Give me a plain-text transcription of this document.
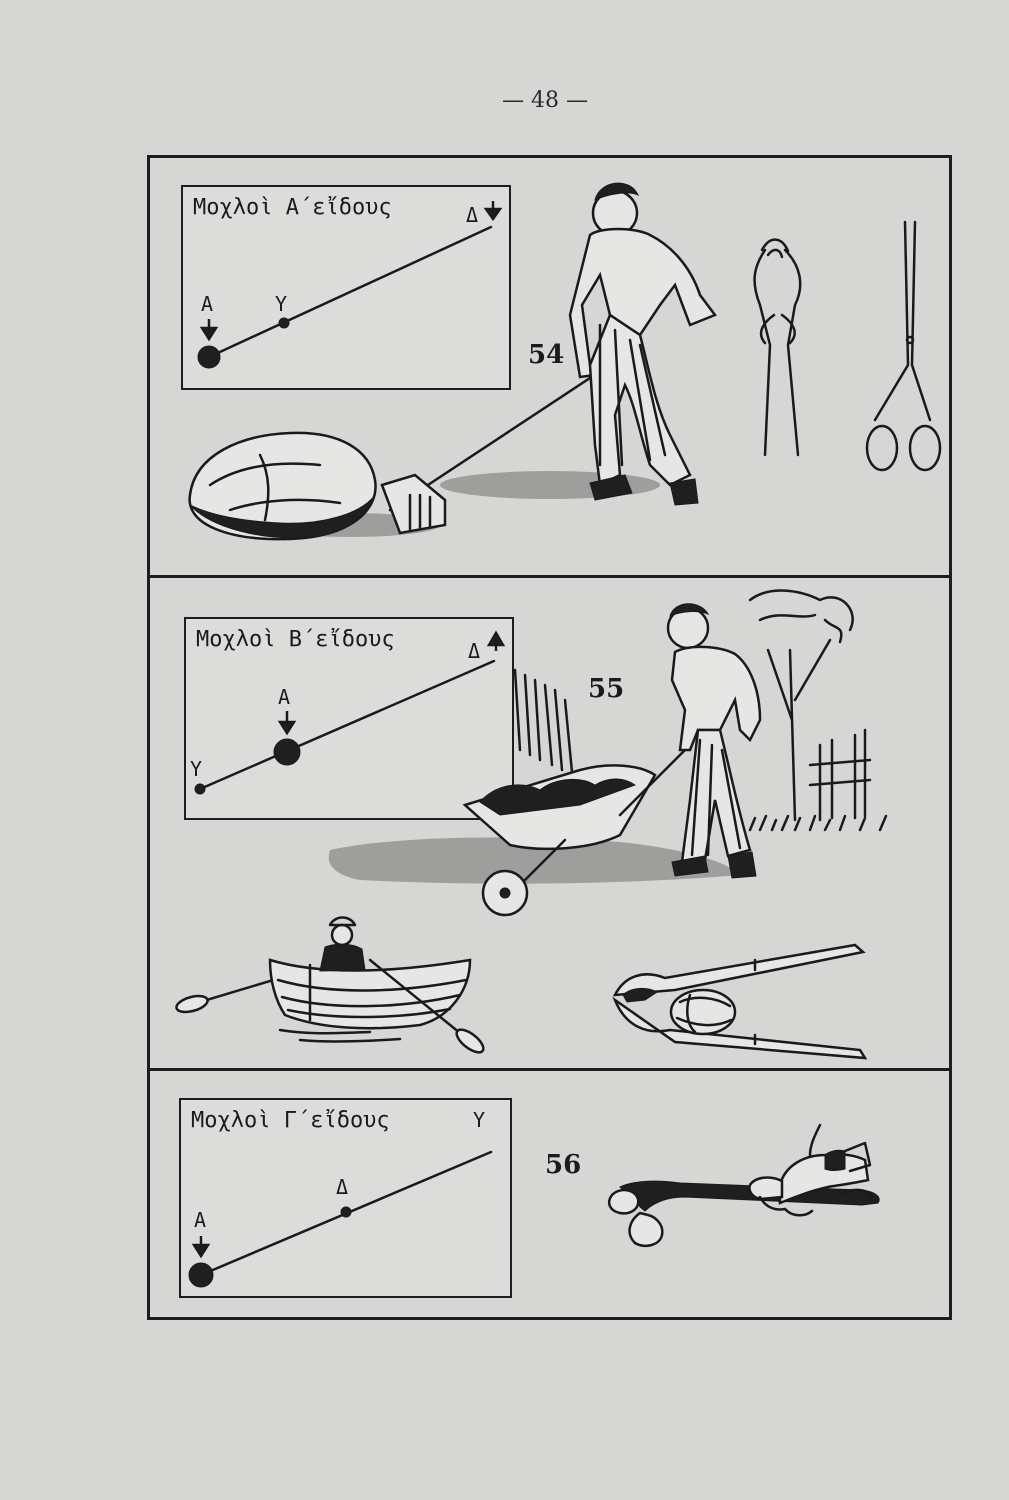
— 48 —
Μοχλοὶ Α΄εἴδους
Α	Υ
Δ
54
Μοχλοὶ Β΄εἴδους
Υ
Α
Δ
55
Μοχλοὶ Γ΄εἴδους
Α
Δ
Υ
56
